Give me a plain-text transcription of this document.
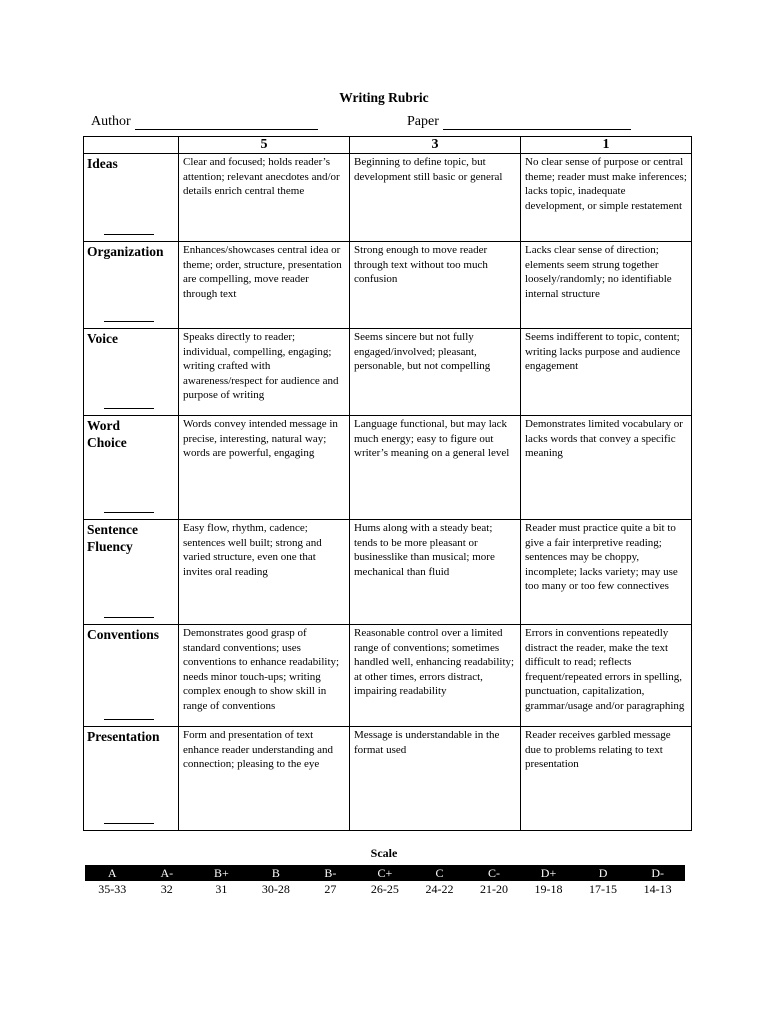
Writing Rubric
Author	Paper
	5	3	1

Ideas	Clear and focused; holds reader’s attention; relevant anecdotes and/or details enrich central theme	Beginning to define topic, but development still basic or general	No clear sense of purpose or central theme; reader must make inferences; lacks topic, inadequate development, or simple restatement

Organization	Enhances/showcases central idea or theme; order, structure, presentation are compelling, move reader through text	Strong enough to move reader through text without too much confusion	Lacks clear sense of direction; elements seem strung together loosely/randomly; no identifiable internal structure

Voice	Speaks directly to reader; individual, compelling, engaging; writing crafted with awareness/respect for audience and purpose of writing	Seems sincere but not fully engaged/involved; pleasant, personable, but not compelling	Seems indifferent to topic, content; writing lacks purpose and audience engagement

Word Choice	Words convey intended message in precise, interesting, natural way; words are powerful, engaging	Language functional, but may lack much energy; easy to figure out writer’s meaning on a general level	Demonstrates limited vocabulary or lacks words that convey a specific meaning

Sentence Fluency	Easy flow, rhythm, cadence; sentences well built; strong and varied structure, even one that invites oral reading	Hums along with a steady beat; tends to be more pleasant or businesslike than musical; more mechanical than fluid	Reader must practice quite a bit to give a fair interpretive reading; sentences may be choppy, incomplete; lacks variety; may use too many or too few connectives

Conventions	Demonstrates good grasp of standard conventions; uses conventions to enhance readability; needs minor touch-ups; writing complex enough to show skill in range of conventions	Reasonable control over a limited range of conventions; sometimes handled well, enhancing readability; at other times, errors distract, impairing readability	Errors in conventions repeatedly distract the reader, make the text difficult to read; reflects frequent/repeated errors in spelling, punctuation, capitalization, grammar/usage and/or paragraphing

Presentation	Form and presentation of text enhance reader understanding and connection; pleasing to the eye	Message is understandable in the format used	Reader receives garbled message due to problems relating to text presentation
Scale
A	A-	B+	B	B-	C+	C	C-	D+	D	D-
35-33	32	31	30-28	27	26-25	24-22	21-20	19-18	17-15	14-13
